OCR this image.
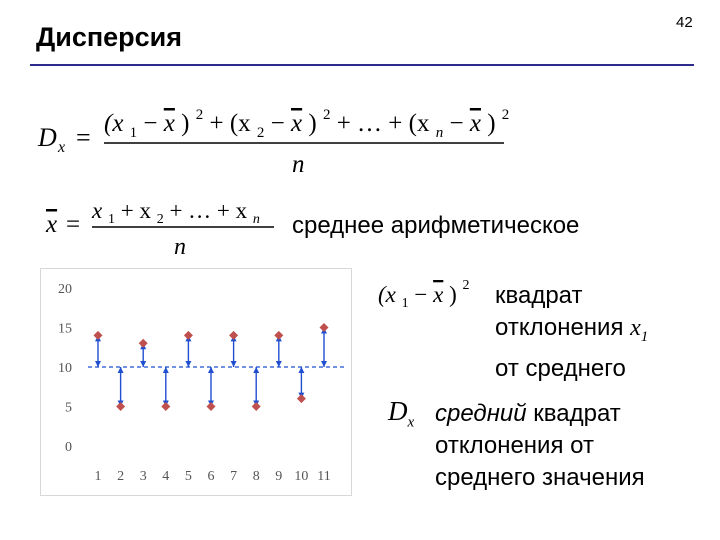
Дисперсия	42
D x = (x $_1$ − x ) $^2$ + (x $_2$ − x ) $^2$ + … + (x $_n$ − x ) $^2$
n
x =
x $_1$ + x $_2$ + … + x $_n$
n
среднее арифметическое
0
5
10
15
20
1 2 3 4 5 6 7 8 9 10 11
(x $_1$ − x ) $^2$ квадрат
отклонения $x_1$
от среднего
$D_x$ средний квадрат
отклонения от
среднего значения
